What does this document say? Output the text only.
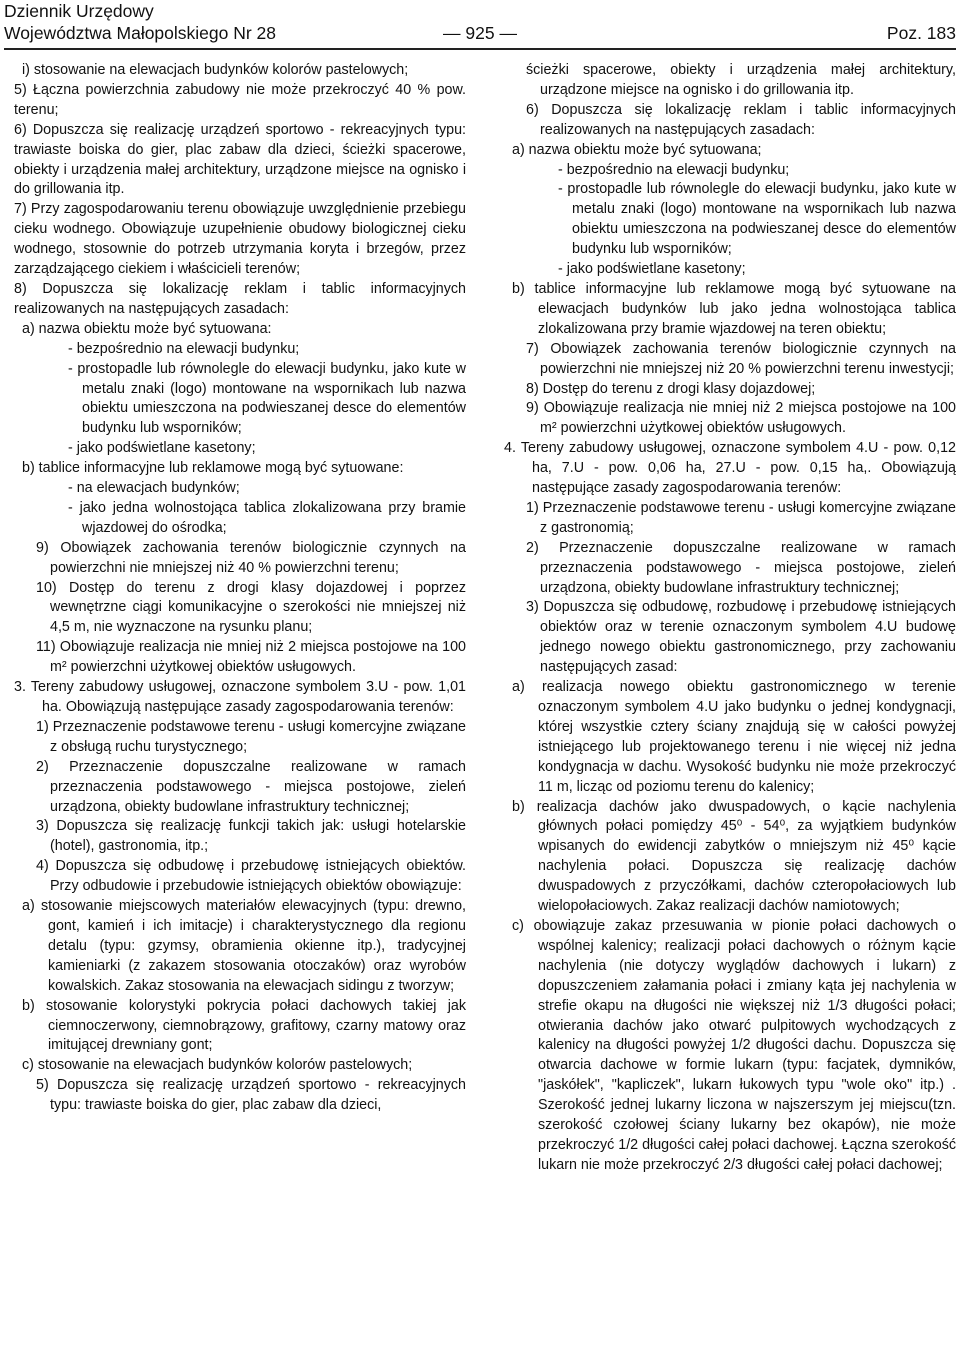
Dziennik Urzędowy
Województwa Małopolskiego Nr 28	— 925 —	Poz. 183

i) stosowanie na elewacjach budynków kolorów pastelowych;

5) Łączna powierzchnia zabudowy nie może przekroczyć 40 % pow. terenu;

6) Dopuszcza się realizację urządzeń sportowo - rekreacyjnych typu: trawiaste boiska do gier, plac zabaw dla dzieci, ścieżki spacerowe, obiekty i urządzenia małej architektury, urządzone miejsce na ognisko i do grillowania itp.

7) Przy zagospodarowaniu terenu obowiązuje uwzględnienie przebiegu cieku wodnego. Obowiązuje uzupełnienie obudowy biologicznej cieku wodnego, stosownie do potrzeb utrzymania koryta i brzegów, przez zarządzającego ciekiem i właścicieli terenów;

8) Dopuszcza się lokalizację reklam i tablic informacyjnych realizowanych na następujących zasadach:

a) nazwa obiektu może być sytuowana:

- bezpośrednio na elewacji budynku;

- prostopadle lub równolegle do elewacji budynku, jako kute w metalu znaki (logo) montowane na wspornikach lub nazwa obiektu umieszczona na podwieszanej desce do elementów budynku lub wsporników;

- jako podświetlane kasetony;

b) tablice informacyjne lub reklamowe mogą być sytuowane:

- na elewacjach budynków;

- jako jedna wolnostojąca tablica zlokalizowana przy bramie wjazdowej do ośrodka;

9) Obowiązek zachowania terenów biologicznie czynnych na powierzchni nie mniejszej niż 40 % powierzchni terenu;

10) Dostęp do terenu z drogi klasy dojazdowej i poprzez wewnętrzne ciągi komunikacyjne o szerokości nie mniejszej niż 4,5 m, nie wyznaczone na rysunku planu;

11) Obowiązuje realizacja nie mniej niż 2 miejsca postojowe na 100 m² powierzchni użytkowej obiektów usługowych.

3. Tereny zabudowy usługowej, oznaczone symbolem 3.U - pow. 1,01 ha. Obowiązują następujące zasady zagospodarowania terenów:

1) Przeznaczenie podstawowe terenu - usługi komercyjne związane z obsługą ruchu turystycznego;

2) Przeznaczenie dopuszczalne realizowane w ramach przeznaczenia podstawowego - miejsca postojowe, zieleń urządzona, obiekty budowlane infrastruktury technicznej;

3) Dopuszcza się realizację funkcji takich jak: usługi hotelarskie (hotel), gastronomia, itp.;

4) Dopuszcza się odbudowę i przebudowę istniejących obiektów. Przy odbudowie i przebudowie istniejących obiektów obowiązuje:

a) stosowanie miejscowych materiałów elewacyjnych (typu: drewno, gont, kamień i ich imitacje) i charakterystycznego dla regionu detalu (typu: gzymsy, obramienia okienne itp.), tradycyjnej kamieniarki (z zakazem stosowania otoczaków) oraz wyrobów kowalskich. Zakaz stosowania na elewacjach sidingu z tworzyw;

b) stosowanie kolorystyki pokrycia połaci dachowych takiej jak ciemnoczerwony, ciemnobrązowy, grafitowy, czarny matowy oraz imitującej drewniany gont;

c) stosowanie na elewacjach budynków kolorów pastelowych;

5) Dopuszcza się realizację urządzeń sportowo - rekreacyjnych typu: trawiaste boiska do gier, plac zabaw dla dzieci,

ścieżki spacerowe, obiekty i urządzenia małej architektury, urządzone miejsce na ognisko i do grillowania itp.

6) Dopuszcza się lokalizację reklam i tablic informacyjnych realizowanych na następujących zasadach:

a) nazwa obiektu może być sytuowana;

- bezpośrednio na elewacji budynku;

- prostopadle lub równolegle do elewacji budynku, jako kute w metalu znaki (logo) montowane na wspornikach lub nazwa obiektu umieszczona na podwieszanej desce do elementów budynku lub wsporników;

- jako podświetlane kasetony;

b) tablice informacyjne lub reklamowe mogą być sytuowane na elewacjach budynków lub jako jedna wolnostojąca tablica zlokalizowana przy bramie wjazdowej na teren obiektu;

7) Obowiązek zachowania terenów biologicznie czynnych na powierzchni nie mniejszej niż 20 % powierzchni terenu inwestycji;

8) Dostęp do terenu z drogi klasy dojazdowej;

9) Obowiązuje realizacja nie mniej niż 2 miejsca postojowe na 100 m² powierzchni użytkowej obiektów usługowych.

4. Tereny zabudowy usługowej, oznaczone symbolem 4.U - pow. 0,12 ha, 7.U - pow. 0,06 ha, 27.U - pow. 0,15 ha,. Obowiązują następujące zasady zagospodarowania terenów:

1) Przeznaczenie podstawowe terenu - usługi komercyjne związane z gastronomią;

2) Przeznaczenie dopuszczalne realizowane w ramach przeznaczenia podstawowego - miejsca postojowe, zieleń urządzona, obiekty budowlane infrastruktury technicznej;

3) Dopuszcza się odbudowę, rozbudowę i przebudowę istniejących obiektów oraz w terenie oznaczonym symbolem 4.U budowę jednego nowego obiektu gastronomicznego, przy zachowaniu następujących zasad:

a) realizacja nowego obiektu gastronomicznego w terenie oznaczonym symbolem 4.U jako budynku o jednej kondygnacji, której wszystkie cztery ściany znajdują się w całości powyżej istniejącego lub projektowanego terenu i nie więcej niż jedna kondygnacja w dachu. Wysokość budynku nie może przekroczyć 11 m, licząc od poziomu terenu do kalenicy;

b) realizacja dachów jako dwuspadowych, o kącie nachylenia głównych połaci pomiędzy 45⁰ - 54⁰, za wyjątkiem budynków wpisanych do ewidencji zabytków o mniejszym niż 45⁰ kącie nachylenia połaci. Dopuszcza się realizację dachów dwuspadowych z przyczółkami, dachów czteropołaciowych lub wielopołaciowych. Zakaz realizacji dachów namiotowych;

c) obowiązuje zakaz przesuwania w pionie połaci dachowych o wspólnej kalenicy; realizacji połaci dachowych o różnym kącie nachylenia (nie dotyczy wyglądów dachowych i lukarn) z dopuszczeniem załamania połaci i zmiany kąta jej nachylenia w strefie okapu na długości nie większej niż 1/3 długości połaci; otwierania dachów jako otwarć pulpitowych wychodzących z kalenicy na długości powyżej 1/2 długości dachu. Dopuszcza się otwarcia dachowe w formie lukarn (typu: facjatek, dymników, "jaskółek", "kapliczek", lukarn łukowych typu "wole oko" itp.) . Szerokość jednej lukarny liczona w najszerszym jej miejscu(tzn. szerokość czołowej ściany lukarny bez okapów), nie może przekroczyć 1/2 długości całej połaci dachowej. Łączna szerokość lukarn nie może przekroczyć 2/3 długości całej połaci dachowej;
